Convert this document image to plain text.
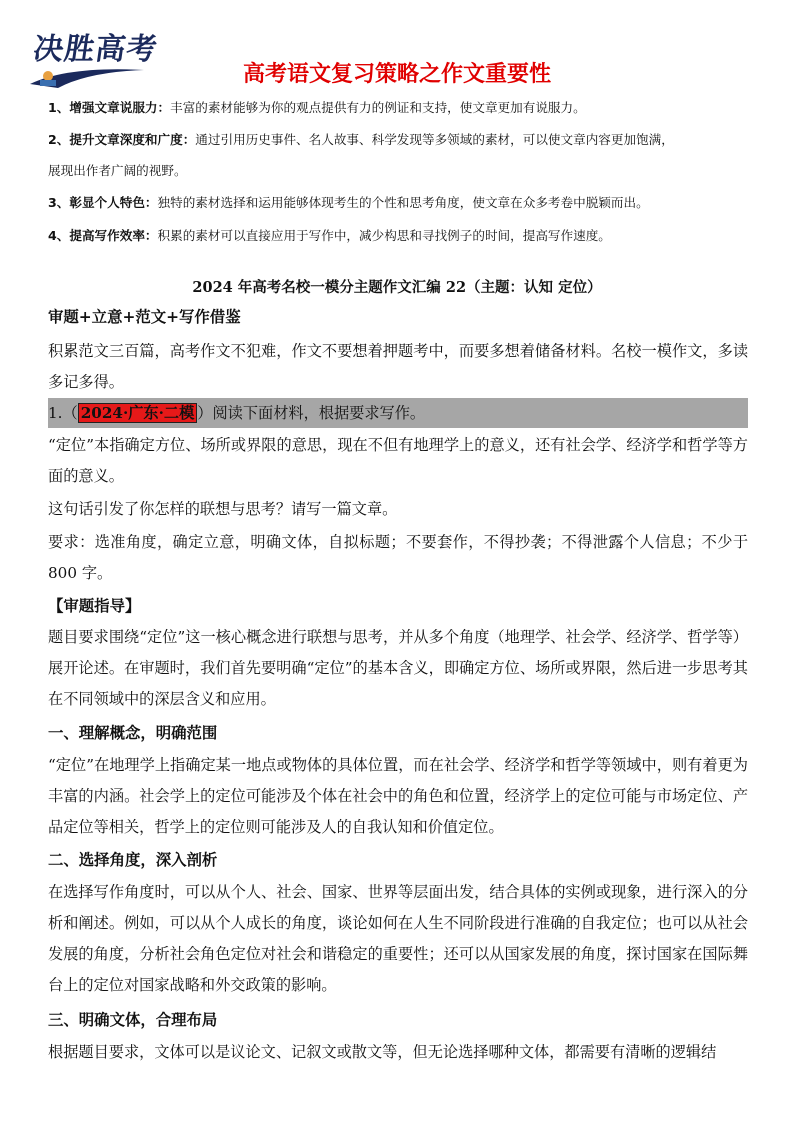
决胜高考
高考语文复习策略之作文重要性
1、增强文章说服力：丰富的素材能够为你的观点提供有力的例证和支持，使文章更加有说服力。
2、提升文章深度和广度：通过引用历史事件、名人故事、科学发现等多领域的素材，可以使文章内容更加饱满，
展现出作者广阔的视野。
3、彰显个人特色：独特的素材选择和运用能够体现考生的个性和思考角度，使文章在众多考卷中脱颖而出。
4、提高写作效率：积累的素材可以直接应用于写作中，减少构思和寻找例子的时间，提高写作速度。
2024 年高考名校一模分主题作文汇编 22（主题：认知 定位）
审题+立意+范文+写作借鉴

积累范文三百篇，高考作文不犯难，作文不要想着押题考中，而要多想着储备材料。名校一模作文，多读多记多得。

1.（ 2024·广东·二模 ）阅读下面材料，根据要求写作。

“定位”本指确定方位、场所或界限的意思，现在不但有地理学上的意义，还有社会学、经济学和哲学等方面的意义。

这句话引发了你怎样的联想与思考？请写一篇文章。

要求：选准角度，确定立意，明确文体，自拟标题；不要套作，不得抄袭；不得泄露个人信息；不少于 800 字。

【审题指导】

题目要求围绕“定位”这一核心概念进行联想与思考，并从多个角度（地理学、社会学、经济学、哲学等）展开论述。在审题时，我们首先要明确“定位”的基本含义，即确定方位、场所或界限，然后进一步思考其在不同领域中的深层含义和应用。

一、理解概念，明确范围

“定位”在地理学上指确定某一地点或物体的具体位置，而在社会学、经济学和哲学等领域中，则有着更为丰富的内涵。社会学上的定位可能涉及个体在社会中的角色和位置，经济学上的定位可能与市场定位、产品定位等相关，哲学上的定位则可能涉及人的自我认知和价值定位。

二、选择角度，深入剖析

在选择写作角度时，可以从个人、社会、国家、世界等层面出发，结合具体的实例或现象，进行深入的分析和阐述。例如，可以从个人成长的角度，谈论如何在人生不同阶段进行准确的自我定位；也可以从社会发展的角度，分析社会角色定位对社会和谐稳定的重要性；还可以从国家发展的角度，探讨国家在国际舞台上的定位对国家战略和外交政策的影响。

三、明确文体，合理布局

根据题目要求，文体可以是议论文、记叙文或散文等，但无论选择哪种文体，都需要有清晰的逻辑结
